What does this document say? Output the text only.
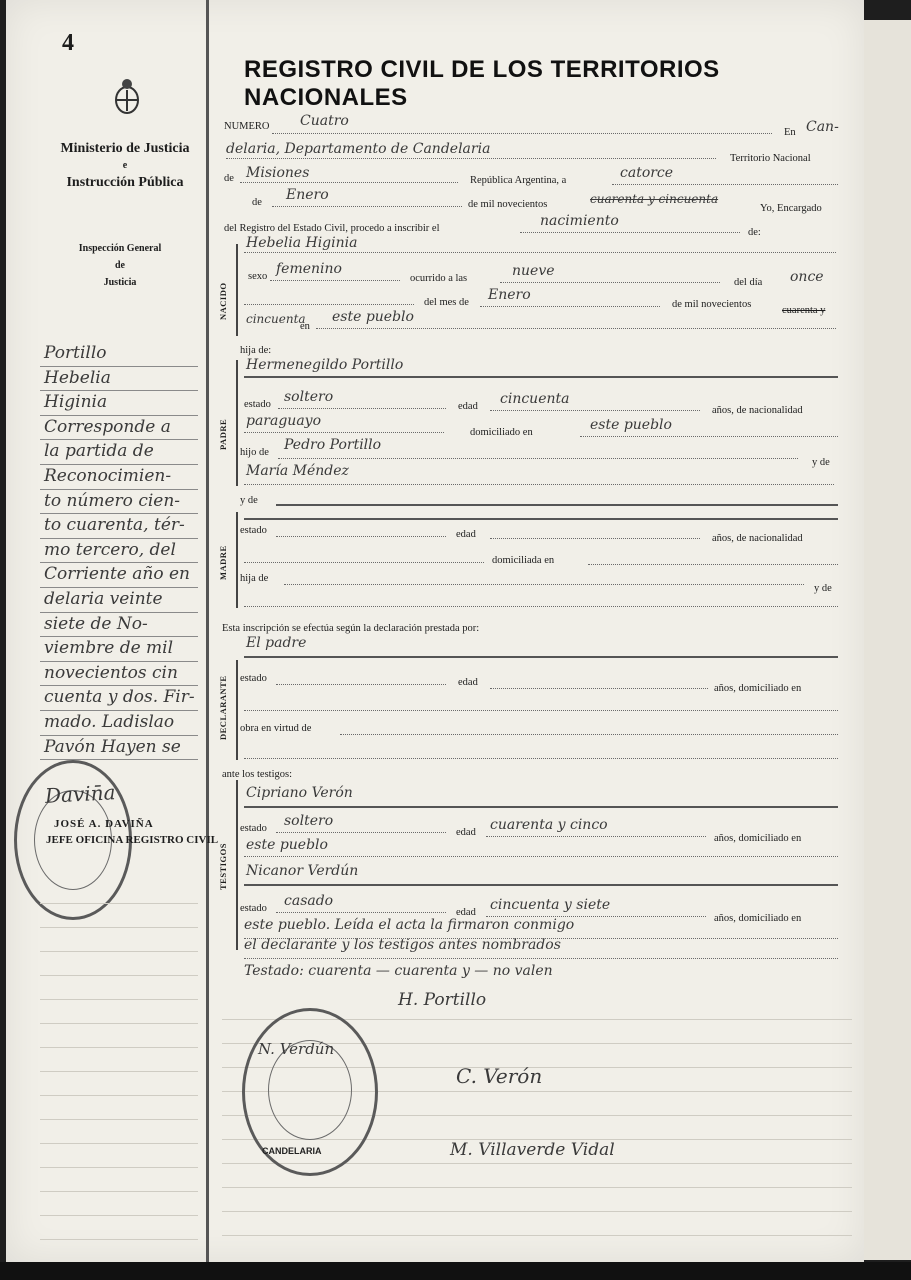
4
Ministerio de Justicia
e
Instrucción Pública
Inspección General
de
Justicia
Portillo
Hebelia
Higinia
Corresponde a
la partida de
Reconocimien-
to número cien-
to cuarenta, tér-
mo tercero, del
Corriente año en
delaria veinte
siete de No-
viembre de mil
novecientos cin
cuenta y dos. Fir-
mado. Ladislao
Pavón Hayen se
Davin̄a
JOSÉ A. DAVIÑA
JEFE OFICINA REGISTRO CIVIL
REGISTRO CIVIL DE LOS TERRITORIOS NACIONALES
NUMERO Cuatro
En Can-
delaria, Departamento de Candelaria
Territorio Nacional
de Misiones	República Argentina, a	catorce
de Enero
de mil novecientos	cuarenta y cincuenta
Yo, Encargado
del Registro del Estado Civil, procedo a inscribir el	nacimiento
de:
NACIDO
Hebelia Higinia
sexo femenino
ocurrido a las	nueve
del día once
del mes de Enero
de mil novecientos
cuarenta y
cincuenta
en
este pueblo
hija de:
PADRE
Hermenegildo Portillo
estado soltero
edad cincuenta
años, de nacionalidad
paraguayo
domiciliado en	este pueblo
hijo de Pedro Portillo
y de
María Méndez
y de
MADRE
estado	edad	años, de nacionalidad
domiciliada en
hija de
y de
Esta inscripción se efectúa según la declaración prestada por:
El padre
DECLARANTE estado	edad
años, domiciliado en
obra en virtud de
ante los testigos:
Cipriano Verón
TESTIGOS
estado soltero
edad cuarenta y cinco
años, domiciliado en
este pueblo
Nicanor Verdún
estado casado
edad cincuenta y siete
años, domiciliado en
este pueblo. Leída el acta la firmaron conmigo
el declarante y los testigos antes nombrados
Testado: cuarenta — cuarenta y — no valen
H. Portillo
CANDELARIA
N. Verdún
C. Verón
M. Villaverde Vidal
